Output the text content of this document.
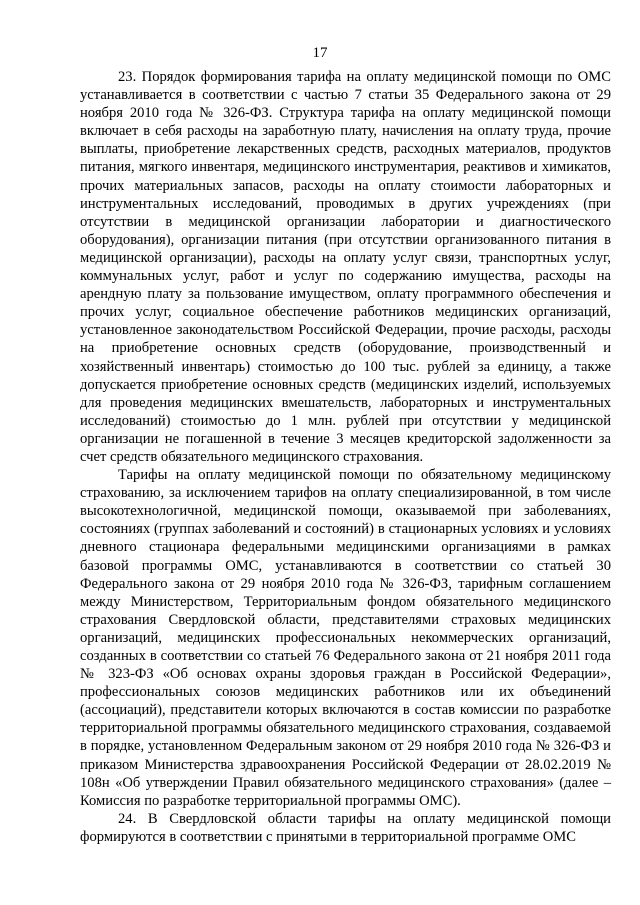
17

23. Порядок формирования тарифа на оплату медицинской помощи по ОМС устанавливается в соответствии с частью 7 статьи 35 Федерального закона от 29 ноября 2010 года № 326-ФЗ. Структура тарифа на оплату медицинской помощи включает в себя расходы на заработную плату, начисления на оплату труда, прочие выплаты, приобретение лекарственных средств, расходных материалов, продуктов питания, мягкого инвентаря, медицинского инструментария, реактивов и химикатов, прочих материальных запасов, расходы на оплату стоимости лабораторных и инструментальных исследований, проводимых в других учреждениях (при отсутствии в медицинской организации лаборатории и диагностического оборудования), организации питания (при отсутствии организованного питания в медицинской организации), расходы на оплату услуг связи, транспортных услуг, коммунальных услуг, работ и услуг по содержанию имущества, расходы на арендную плату за пользование имуществом, оплату программного обеспечения и прочих услуг, социальное обеспечение работников медицинских организаций, установленное законодательством Российской Федерации, прочие расходы, расходы на приобретение основных средств (оборудование, производственный и хозяйственный инвентарь) стоимостью до 100 тыс. рублей за единицу, а также допускается приобретение основных средств (медицинских изделий, используемых для проведения медицинских вмешательств, лабораторных и инструментальных исследований) стоимостью до 1 млн. рублей при отсутствии у медицинской организации не погашенной в течение 3 месяцев кредиторской задолженности за счет средств обязательного медицинского страхования.

Тарифы на оплату медицинской помощи по обязательному медицинскому страхованию, за исключением тарифов на оплату специализированной, в том числе высокотехнологичной, медицинской помощи, оказываемой при заболеваниях, состояниях (группах заболеваний и состояний) в стационарных условиях и условиях дневного стационара федеральными медицинскими организациями в рамках базовой программы ОМС, устанавливаются в соответствии со статьей 30 Федерального закона от 29 ноября 2010 года № 326-ФЗ, тарифным соглашением между Министерством, Территориальным фондом обязательного медицинского страхования Свердловской области, представителями страховых медицинских организаций, медицинских профессиональных некоммерческих организаций, созданных в соответствии со статьей 76 Федерального закона от 21 ноября 2011 года № 323-ФЗ «Об основах охраны здоровья граждан в Российской Федерации», профессиональных союзов медицинских работников или их объединений (ассоциаций), представители которых включаются в состав комиссии по разработке территориальной программы обязательного медицинского страхования, создаваемой в порядке, установленном Федеральным законом от 29 ноября 2010 года № 326-ФЗ и приказом Министерства здравоохранения Российской Федерации от 28.02.2019 № 108н «Об утверждении Правил обязательного медицинского страхования» (далее – Комиссия по разработке территориальной программы ОМС).

24. В Свердловской области тарифы на оплату медицинской помощи формируются в соответствии с принятыми в территориальной программе ОМС
